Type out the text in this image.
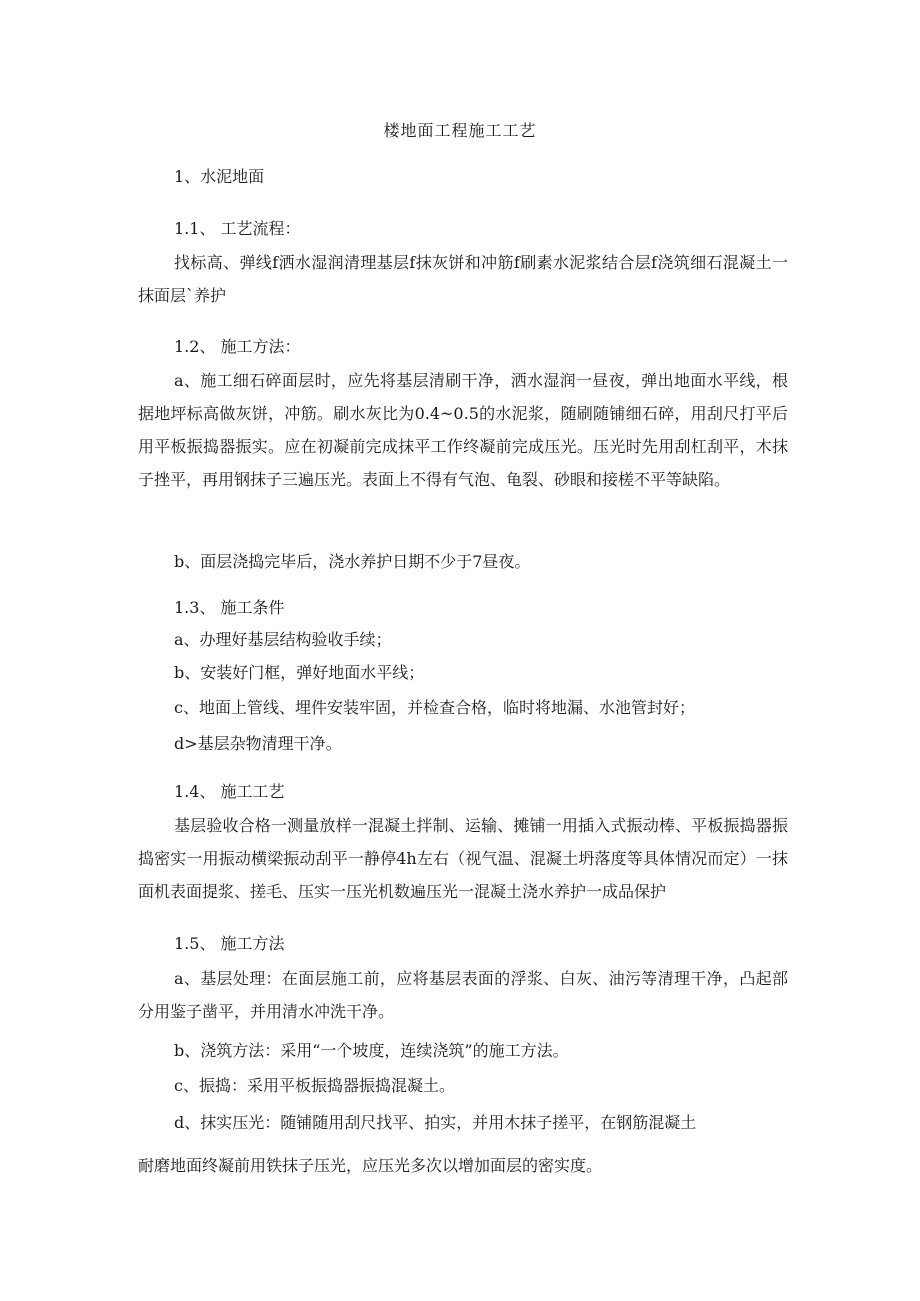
楼地面工程施工工艺
1、水泥地面
1.1、 工艺流程：
找标高、弹线f洒水湿润清理基层f抹灰饼和冲筋f刷素水泥浆结合层f浇筑细石混凝土一抹面层`养护
1.2、 施工方法：
a、施工细石碎面层时，应先将基层清刷干净，洒水湿润一昼夜，弹出地面水平线，根据地坪标高做灰饼，冲筋。刷水灰比为0.4~0.5的水泥浆，随刷随铺细石碎，用刮尺打平后用平板振捣器振实。应在初凝前完成抹平工作终凝前完成压光。压光时先用刮杠刮平，木抹子挫平，再用钢抹子三遍压光。表面上不得有气泡、龟裂、砂眼和接槎不平等缺陷。
b、面层浇捣完毕后，浇水养护日期不少于7昼夜。
1.3、 施工条件
a、办理好基层结构验收手续；
b、安装好门框，弹好地面水平线；
c、地面上管线、埋件安装牢固，并检查合格，临时将地漏、水池管封好；
d>基层杂物清理干净。
1.4、 施工工艺
基层验收合格一测量放样一混凝土拌制、运输、摊铺一用插入式振动棒、平板振捣器振捣密实一用振动横梁振动刮平一静停4h左右（视气温、混凝土坍落度等具体情况而定）一抹面机表面提浆、搓毛、压实一压光机数遍压光一混凝土浇水养护一成品保护
1.5、 施工方法
a、基层处理：在面层施工前，应将基层表面的浮浆、白灰、油污等清理干净，凸起部分用鉴子凿平，并用清水冲洗干净。
b、浇筑方法：采用“一个坡度，连续浇筑”的施工方法。
c、振捣：采用平板振捣器振捣混凝土。
d、抹实压光：随铺随用刮尺找平、拍实，并用木抹子搓平，在钢筋混凝土
耐磨地面终凝前用铁抹子压光，应压光多次以增加面层的密实度。
